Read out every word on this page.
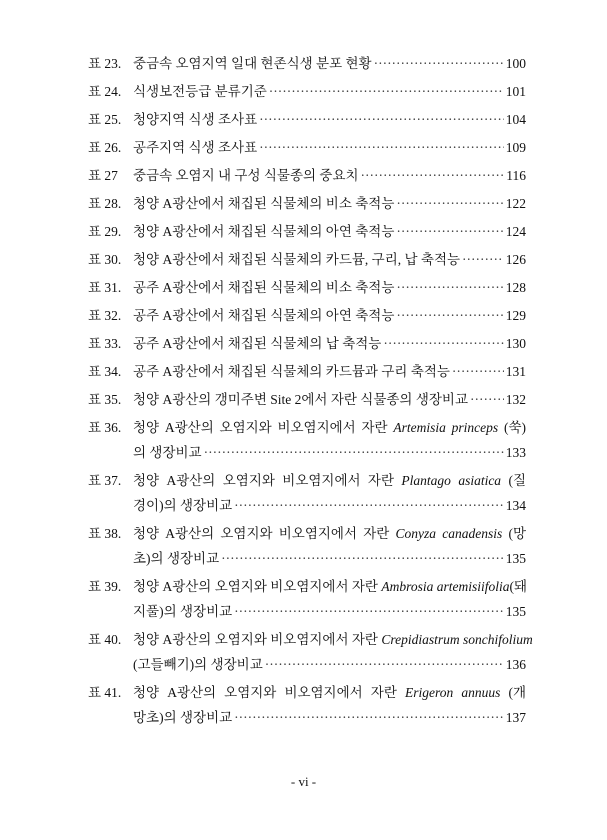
표 23. 중금속 오염지역 일대 현존식생 분포 현황 ·····	100
표 24. 식생보전등급 분류기준 ·····	101
표 25. 청양지역 식생 조사표 ·····	104
표 26. 공주지역 식생 조사표 ·····	109
표 27	중금속 오염지 내 구성 식물종의 중요치 ·····	116
표 28. 청양 A광산에서 채집된 식물체의 비소 축적능 ·····	122
표 29. 청양 A광산에서 채집된 식물체의 아연 축적능 ·····	124
표 30. 청양 A광산에서 채집된 식물체의 카드뮴, 구리, 납 축적능 ·····	126
표 31. 공주 A광산에서 채집된 식물체의 비소 축적능 ·····	128
표 32. 공주 A광산에서 채집된 식물체의 아연 축적능 ·····	129
표 33. 공주 A광산에서 채집된 식물체의 납 축적능 ·····	130
표 34. 공주 A광산에서 채집된 식물체의 카드뮴과 구리 축적능 ·····	131
표 35. 청양 A광산의 갱미주변 Site 2에서 자란 식물종의 생장비교 ·····	132
표 36. 청양 A광산의 오염지와 비오염지에서 자란 Artemisia princeps (쑥)
의 생장비교 ·····	133
표 37. 청양 A광산의 오염지와 비오염지에서 자란 Plantago asiatica (질
경이)의 생장비교 ·····	134
표 38. 청양 A광산의 오염지와 비오염지에서 자란 Conyza canadensis (망
초)의 생장비교 ·····	135
표 39. 청양 A광산의 오염지와 비오염지에서 자란 Ambrosia artemisiifolia(돼
지풀)의 생장비교 ·····	135
표 40. 청양 A광산의 오염지와 비오염지에서 자란 Crepidiastrum sonchifolium
(고들빼기)의 생장비교 ·····	136
표 41. 청양 A광산의 오염지와 비오염지에서 자란 Erigeron annuus (개
망초)의 생장비교 ·····	137
- vi -
